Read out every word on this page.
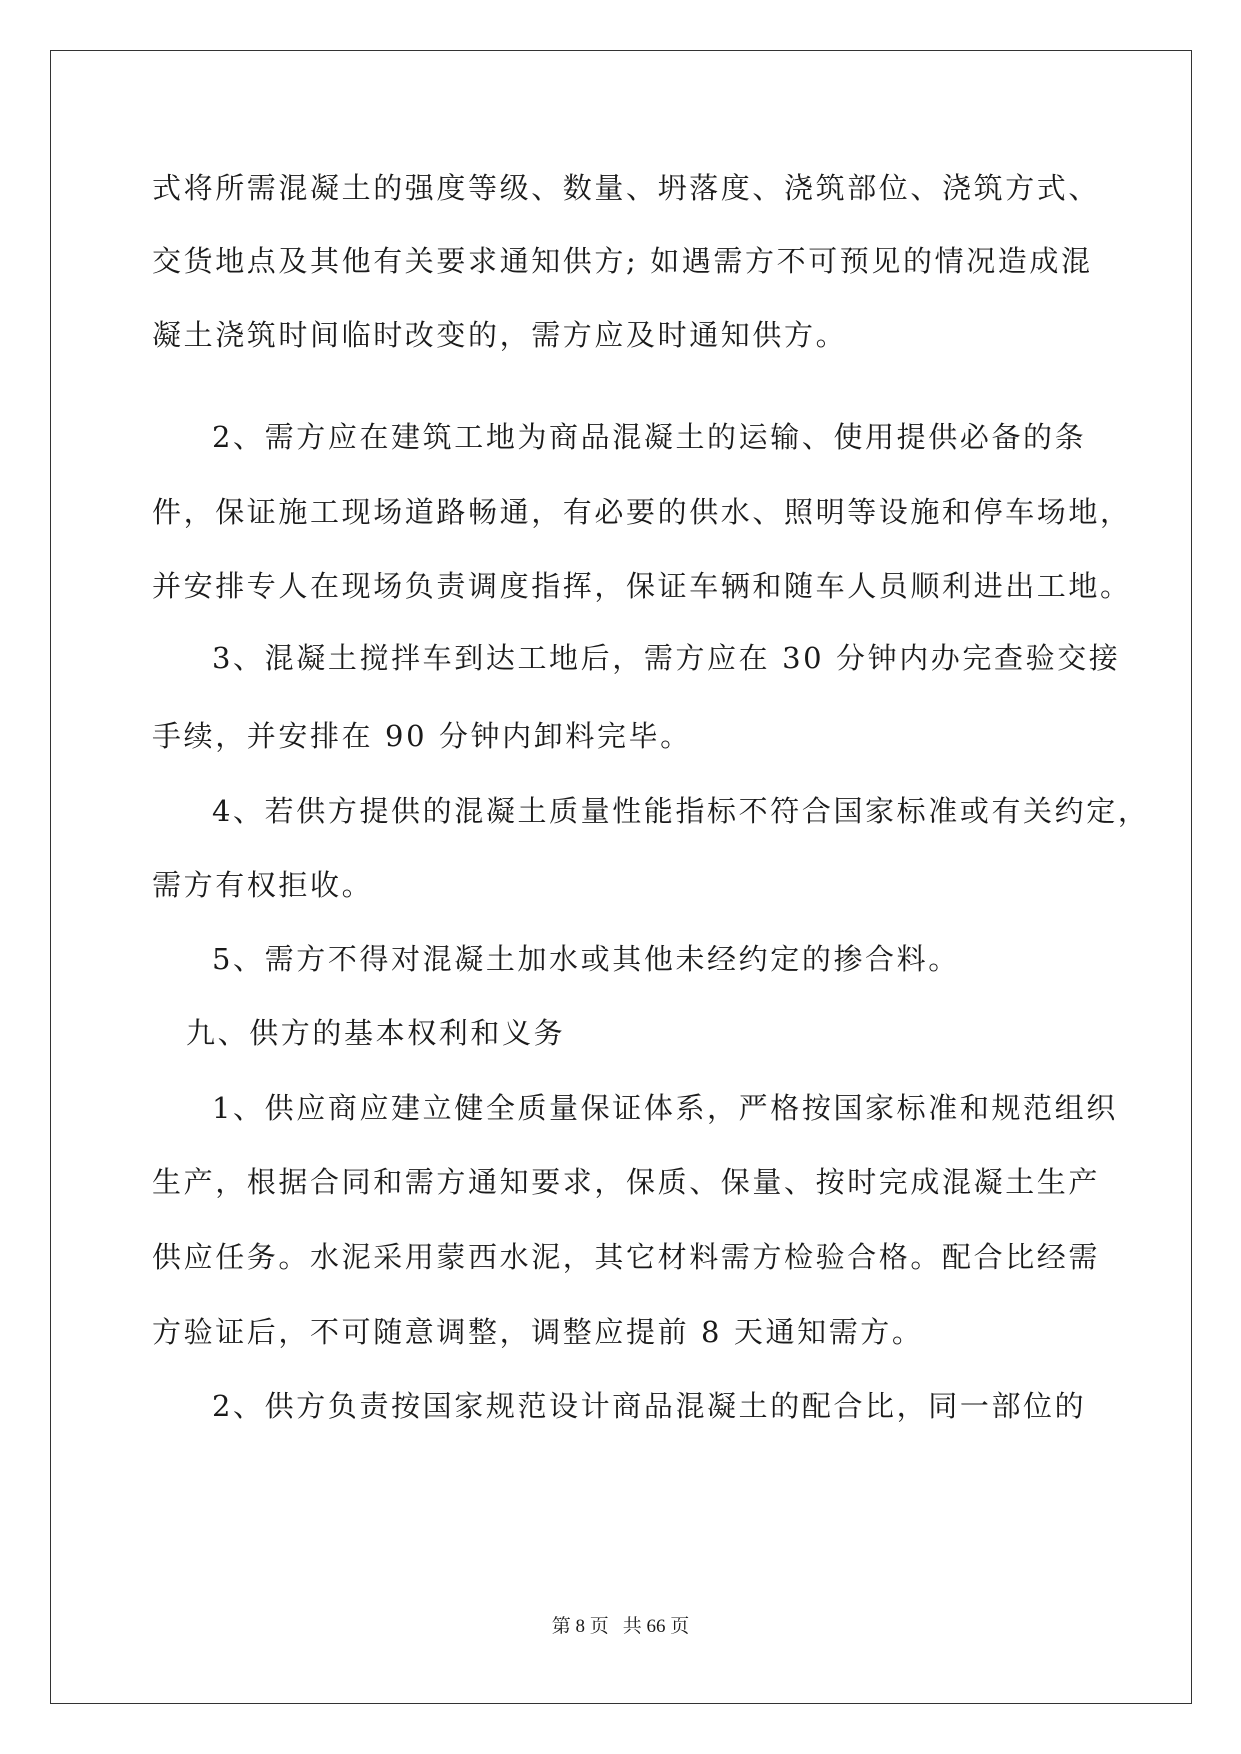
式将所需混凝土的强度等级、数量、坍落度、浇筑部位、浇筑方式、

交货地点及其他有关要求通知供方; 如遇需方不可预见的情况造成混

凝土浇筑时间临时改变的，需方应及时通知供方。

2、需方应在建筑工地为商品混凝土的运输、使用提供必备的条

件，保证施工现场道路畅通，有必要的供水、照明等设施和停车场地，

并安排专人在现场负责调度指挥，保证车辆和随车人员顺利进出工地。

3、混凝土搅拌车到达工地后，需方应在 30 分钟内办完查验交接

手续，并安排在 90 分钟内卸料完毕。

4、若供方提供的混凝土质量性能指标不符合国家标准或有关约定，

需方有权拒收。

5、需方不得对混凝土加水或其他未经约定的掺合料。

九、供方的基本权利和义务

1、供应商应建立健全质量保证体系，严格按国家标准和规范组织

生产，根据合同和需方通知要求，保质、保量、按时完成混凝土生产

供应任务。水泥采用蒙西水泥，其它材料需方检验合格。配合比经需

方验证后，不可随意调整，调整应提前 8 天通知需方。

2、供方负责按国家规范设计商品混凝土的配合比，同一部位的

第 8 页 共 66 页
